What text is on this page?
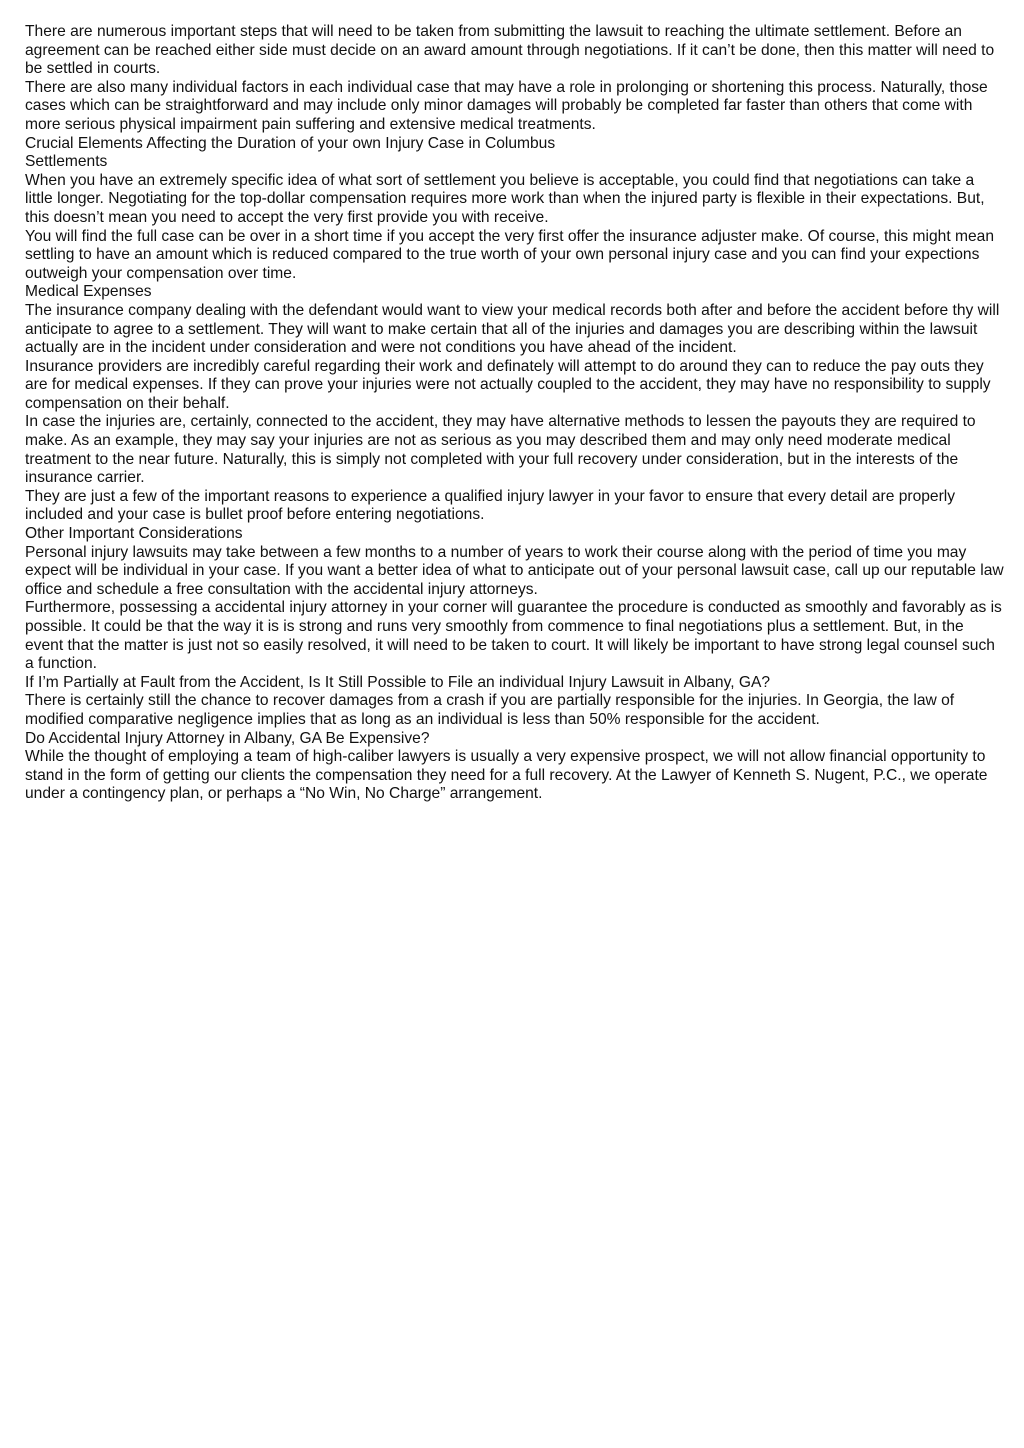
There are numerous important steps that will need to be taken from submitting the lawsuit to reaching the ultimate settlement. Before an agreement can be reached either side must decide on an award amount through negotiations. If it can’t be done, then this matter will need to be settled in courts.

There are also many individual factors in each individual case that may have a role in prolonging or shortening this process. Naturally, those cases which can be straightforward and may include only minor damages will probably be completed far faster than others that come with more serious physical impairment pain suffering and extensive medical treatments.

Crucial Elements Affecting the Duration of your own Injury Case in Columbus

Settlements

When you have an extremely specific idea of what sort of settlement you believe is acceptable, you could find that negotiations can take a little longer. Negotiating for the top-dollar compensation requires more work than when the injured party is flexible in their expectations. But, this doesn’t mean you need to accept the very first provide you with receive.

You will find the full case can be over in a short time if you accept the very first offer the insurance adjuster make. Of course, this might mean settling to have an amount which is reduced compared to the true worth of your own personal injury case and you can find your expections outweigh your compensation over time.

Medical Expenses

The insurance company dealing with the defendant would want to view your medical records both after and before the accident before thy will anticipate to agree to a settlement. They will want to make certain that all of the injuries and damages you are describing within the lawsuit actually are in the incident under consideration and were not conditions you have ahead of the incident.

Insurance providers are incredibly careful regarding their work and definately will attempt to do around they can to reduce the pay outs they are for medical expenses. If they can prove your injuries were not actually coupled to the accident, they may have no responsibility to supply compensation on their behalf.

In case the injuries are, certainly, connected to the accident, they may have alternative methods to lessen the payouts they are required to make. As an example, they may say your injuries are not as serious as you may described them and may only need moderate medical treatment to the near future. Naturally, this is simply not completed with your full recovery under consideration, but in the interests of the insurance carrier.

They are just a few of the important reasons to experience a qualified injury lawyer in your favor to ensure that every detail are properly included and your case is bullet proof before entering negotiations.

Other Important Considerations

Personal injury lawsuits may take between a few months to a number of years to work their course along with the period of time you may expect will be individual in your case. If you want a better idea of what to anticipate out of your personal lawsuit case, call up our reputable law office and schedule a free consultation with the accidental injury attorneys.

Furthermore, possessing a accidental injury attorney in your corner will guarantee the procedure is conducted as smoothly and favorably as is possible. It could be that the way it is is strong and runs very smoothly from commence to final negotiations plus a settlement. But, in the event that the matter is just not so easily resolved, it will need to be taken to court. It will likely be important to have strong legal counsel such a function.

If I’m Partially at Fault from the Accident, Is It Still Possible to File an individual Injury Lawsuit in Albany, GA?

There is certainly still the chance to recover damages from a crash if you are partially responsible for the injuries. In Georgia, the law of modified comparative negligence implies that as long as an individual is less than 50% responsible for the accident.

Do Accidental Injury Attorney in Albany, GA Be Expensive?

While the thought of employing a team of high-caliber lawyers is usually a very expensive prospect, we will not allow financial opportunity to stand in the form of getting our clients the compensation they need for a full recovery. At the Lawyer of Kenneth S. Nugent, P.C., we operate under a contingency plan, or perhaps a “No Win, No Charge” arrangement.
